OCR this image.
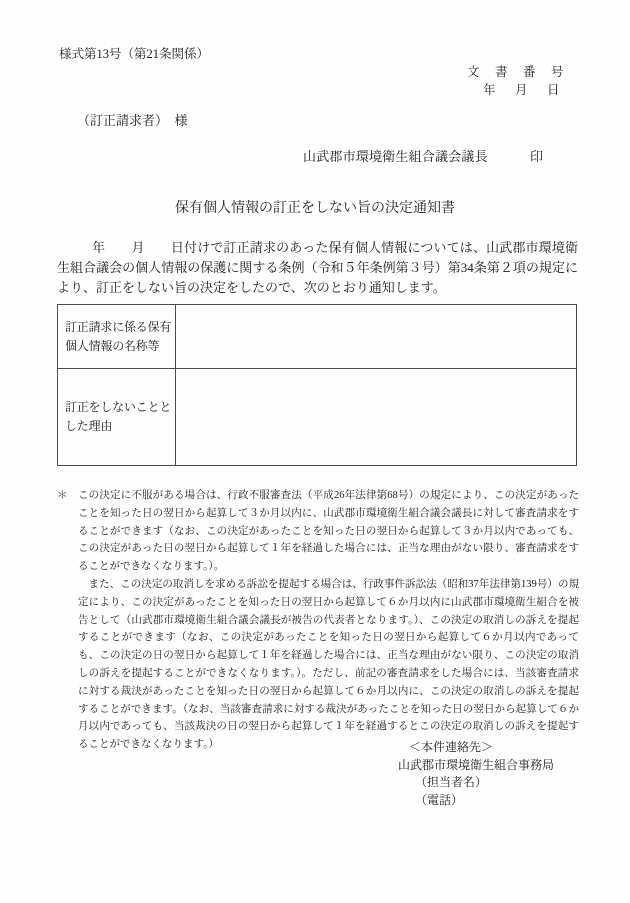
様式第13号（第21条関係）
文　書　番　号
年　月　日
（訂正請求者）　様
山武郡市環境衛生組合議会議長	印
保有個人情報の訂正をしない旨の決定通知書

年　　月　　日付けで訂正請求のあった保有個人情報については、山武郡市環境衛生組合議会の個人情報の保護に関する条例（令和５年条例第３号）第34条第２項の規定により、訂正をしない旨の決定をしたので、次のとおり通知します。

訂正請求に係る保有個人情報の名称等	
訂正をしないこととした理由	
＊ この決定に不服がある場合は、行政不服審査法（平成26年法律第68号）の規定により、この決定があったことを知った日の翌日から起算して３か月以内に、山武郡市環境衛生組合議会議長に対して審査請求をすることができます（なお、この決定があったことを知った日の翌日から起算して３か月以内であっても、この決定があった日の翌日から起算して１年を経過した場合には、正当な理由がない限り、審査請求をすることができなくなります。）。

　また、この決定の取消しを求める訴訟を提起する場合は、行政事件訴訟法（昭和37年法律第139号）の規定により、この決定があったことを知った日の翌日から起算して６か月以内に山武郡市環境衛生組合を被告として（山武郡市環境衛生組合議会議長が被告の代表者となります。）、この決定の取消しの訴えを提起することができます（なお、この決定があったことを知った日の翌日から起算して６か月以内であっても、この決定の日の翌日から起算して１年を経過した場合には、正当な理由がない限り、この決定の取消しの訴えを提起することができなくなります。）。ただし、前記の審査請求をした場合には、当該審査請求に対する裁決があったことを知った日の翌日から起算して６か月以内に、この決定の取消しの訴えを提起することができます。（なお、当該審査請求に対する裁決があったことを知った日の翌日から起算して６か月以内であっても、当該裁決の日の翌日から起算して１年を経過するとこの決定の取消しの訴えを提起することができなくなります。）	＜本件連絡先＞
山武郡市環境衛生組合事務局
（担当者名）
（電話）
